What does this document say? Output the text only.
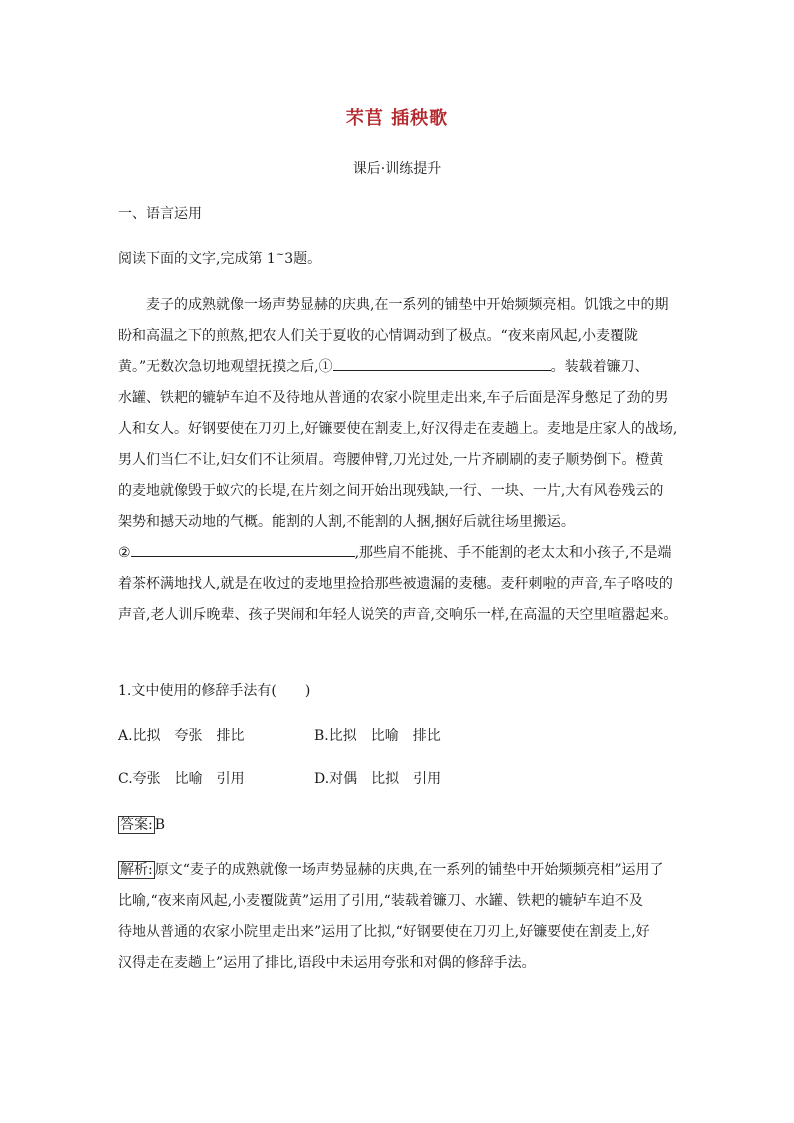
芣苢 插秧歌
课后·训练提升
一、语言运用
阅读下面的文字,完成第 1~3题。
麦子的成熟就像一场声势显赫的庆典,在一系列的铺垫中开始频频亮相。饥饿之中的期
盼和高温之下的煎熬,把农人们关于夏收的心情调动到了极点。“夜来南风起,小麦覆陇
黄。”无数次急切地观望抚摸之后,①	。装载着镰刀、
水罐、铁耙的辘轳车迫不及待地从普通的农家小院里走出来,车子后面是浑身憋足了劲的男
人和女人。好钢要使在刀刃上,好镰要使在割麦上,好汉得走在麦趟上。麦地是庄家人的战场,
男人们当仁不让,妇女们不让须眉。弯腰伸臂,刀光过处,一片齐刷刷的麦子顺势倒下。橙黄
的麦地就像毁于蚁穴的长堤,在片刻之间开始出现残缺,一行、一块、一片,大有风卷残云的
架势和撼天动地的气概。能割的人割,不能割的人捆,捆好后就往场里搬运。
②	,那些肩不能挑、手不能割的老太太和小孩子,不是端
着茶杯满地找人,就是在收过的麦地里捡拾那些被遗漏的麦穗。麦秆刺啦的声音,车子咯吱的
声音,老人训斥晚辈、孩子哭闹和年轻人说笑的声音,交响乐一样,在高温的天空里喧嚣起来。
1.文中使用的修辞手法有(　　)
A.比拟　夸张　排比	B.比拟　比喻　排比
C.夸张　比喻　引用	D.对偶　比拟　引用
答案: B
解析: 原文“麦子的成熟就像一场声势显赫的庆典,在一系列的铺垫中开始频频亮相”运用了
比喻,“夜来南风起,小麦覆陇黄”运用了引用,“装载着镰刀、水罐、铁耙的辘轳车迫不及
待地从普通的农家小院里走出来”运用了比拟,“好钢要使在刀刃上,好镰要使在割麦上,好
汉得走在麦趟上”运用了排比,语段中未运用夸张和对偶的修辞手法。
